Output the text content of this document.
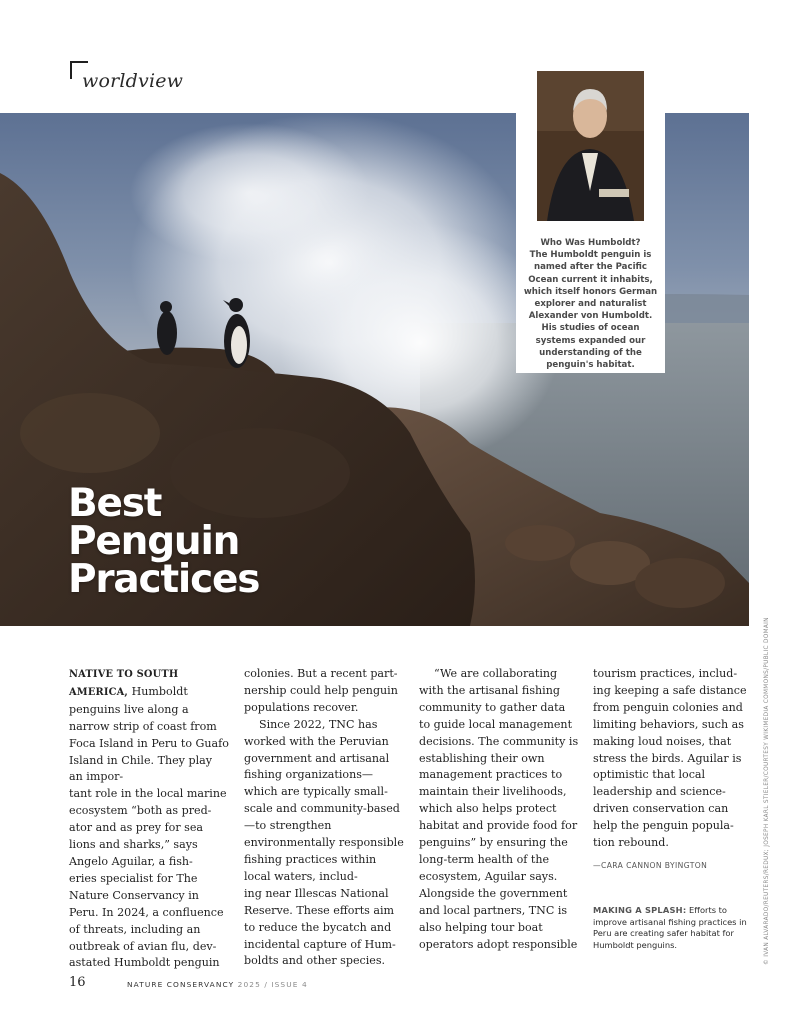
worldview
Best
Penguin
Practices
Who Was Humboldt?
The Humboldt penguin is named after the Pacific Ocean current it inhabits, which itself honors German explorer and naturalist Alexander von Humboldt. His studies of ocean systems expanded our understanding of the penguin's habitat.
© IVAN ALVARADO/REUTERS/REDUX; JOSEPH KARL STIELER/COURTESY WIKIMEDIA COMMONS/PUBLIC DOMAIN

NATIVE TO SOUTH AMERICA, Humboldt penguins live along a narrow strip of coast from Foca Island in Peru to Guafo Island in Chile. They play an impor-
tant role in the local marine ecosystem “both as pred-
ator and as prey for sea lions and sharks,” says Angelo Aguilar, a fish-
eries specialist for The Nature Conservancy in Peru. In 2024, a confluence of threats, including an outbreak of avian flu, dev-
astated Humboldt penguin

colonies. But a recent part-
nership could help penguin populations recover.

Since 2022, TNC has worked with the Peruvian government and artisanal fishing organizations—which are typically small-scale and community-based—to strengthen environmentally responsible fishing practices within local waters, includ-
ing near Illescas National Reserve. These efforts aim to reduce the bycatch and incidental capture of Hum-
boldts and other species.

“We are collaborating with the artisanal fishing community to gather data to guide local management decisions. The community is establishing their own management practices to maintain their livelihoods, which also helps protect habitat and provide food for penguins” by ensuring the long-term health of the ecosystem, Aguilar says. Alongside the government and local partners, TNC is also helping tour boat operators adopt responsible

tourism practices, includ-
ing keeping a safe distance from penguin colonies and limiting behaviors, such as making loud noises, that stress the birds. Aguilar is optimistic that local leadership and science-
driven conservation can help the penguin popula-
tion rebound.

—CARA CANNON BYINGTON

MAKING A SPLASH: Efforts to improve artisanal fishing practices in Peru are creating safer habitat for Humboldt penguins.
16	NATURE CONSERVANCY 2025 / ISSUE 4
